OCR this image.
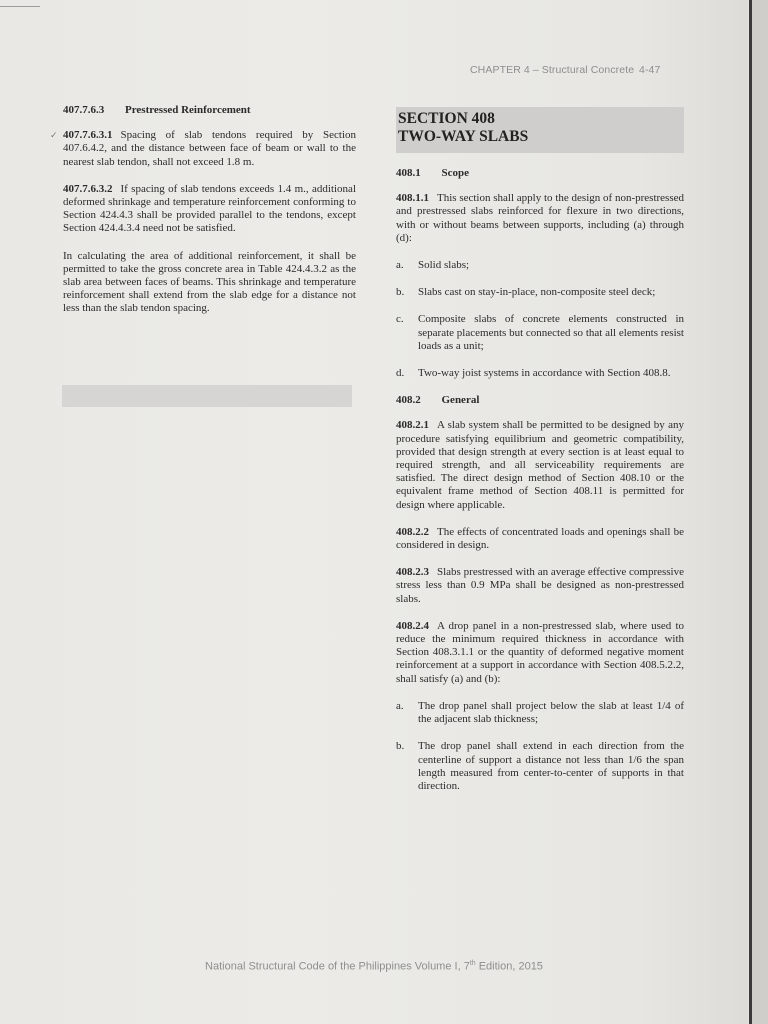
CHAPTER 4 – Structural Concrete 4-47
✓
407.7.6.3 Prestressed Reinforcement

407.7.6.3.1 Spacing of slab tendons required by Section 407.6.4.2, and the distance between face of beam or wall to the nearest slab tendon, shall not exceed 1.8 m.

407.7.6.3.2 If spacing of slab tendons exceeds 1.4 m., additional deformed shrinkage and temperature reinforcement conforming to Section 424.4.3 shall be provided parallel to the tendons, except Section 424.4.3.4 need not be satisfied.

In calculating the area of additional reinforcement, it shall be permitted to take the gross concrete area in Table 424.4.3.2 as the slab area between faces of beams. This shrinkage and temperature reinforcement shall extend from the slab edge for a distance not less than the slab tendon spacing.

SECTION 408
TWO-WAY SLABS
408.1 Scope

408.1.1 This section shall apply to the design of non-prestressed and prestressed slabs reinforced for flexure in two directions, with or without beams between supports, including (a) through (d):

a. Solid slabs;
b. Slabs cast on stay-in-place, non-composite steel deck;
c. Composite slabs of concrete elements constructed in separate placements but connected so that all elements resist loads as a unit;
d. Two-way joist systems in accordance with Section 408.8.
408.2 General

408.2.1 A slab system shall be permitted to be designed by any procedure satisfying equilibrium and geometric compatibility, provided that design strength at every section is at least equal to required strength, and all serviceability requirements are satisfied. The direct design method of Section 408.10 or the equivalent frame method of Section 408.11 is permitted for design where applicable.

408.2.2 The effects of concentrated loads and openings shall be considered in design.

408.2.3 Slabs prestressed with an average effective compressive stress less than 0.9 MPa shall be designed as non-prestressed slabs.

408.2.4 A drop panel in a non-prestressed slab, where used to reduce the minimum required thickness in accordance with Section 408.3.1.1 or the quantity of deformed negative moment reinforcement at a support in accordance with Section 408.5.2.2, shall satisfy (a) and (b):

a. The drop panel shall project below the slab at least 1/4 of the adjacent slab thickness;
b. The drop panel shall extend in each direction from the centerline of support a distance not less than 1/6 the span length measured from center-to-center of supports in that direction.
National Structural Code of the Philippines Volume I, 7th Edition, 2015
